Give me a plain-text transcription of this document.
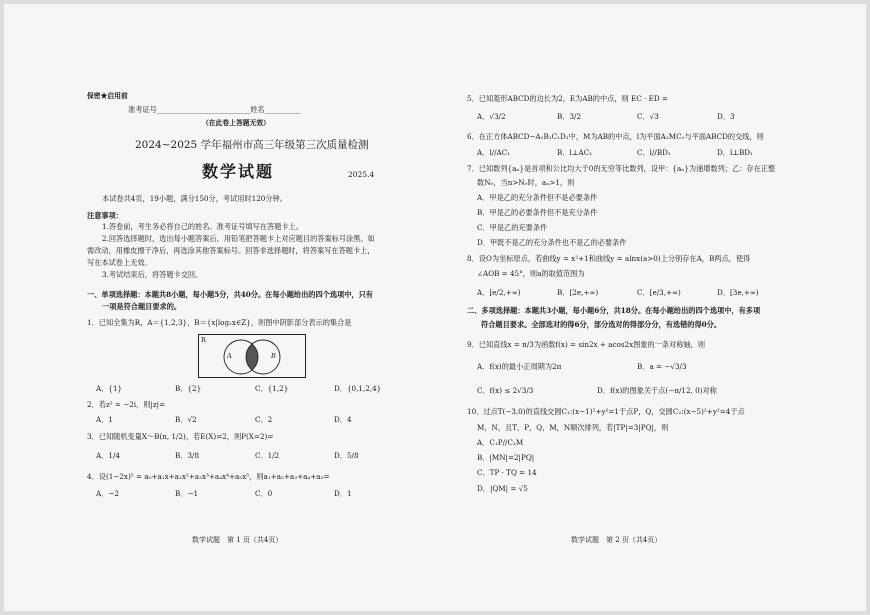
保密★启用前
准考证号__________________________姓名__________
（在此卷上答题无效）
2024~2025 学年福州市高三年级第三次质量检测
数学试题	2025.4
本试卷共4页，19小题，满分150分，考试用时120分钟。
注意事项：
1.答卷前，考生务必将自己的姓名、准考证号填写在答题卡上。
2.回答选择题时，选出每小题答案后，用铅笔把答题卡上对应题目的答案标号涂黑。如
需改动，用橡皮擦干净后，再选涂其他答案标号。回答非选择题时，将答案写在答题卡上，
写在本试卷上无效。
3.考试结束后，将答题卡交回。
一、单项选择题：本题共8小题，每小题5分，共40分。在每小题给出的四个选项中，只有
一项是符合题目要求的。
1．已知全集为R，A＝{1,2,3}，B＝{x|log₂x∈Z}，则图中阴影部分表示的集合是
R
A	B
A．{1}	B．{2}	C．{1,2}	D．{0,1,2,4}
2．若z² = −2i，则|z|=
A．1	B．√2	C．2	D．4
3．已知随机变量X～B(n, 1/2)，若E(X)=2，则P(X=2)=
A．1/4	B．3/8	C．1/2	D．5/8
4．设(1−2x)⁵ = a₀+a₁x+a₂x²+a₃x³+a₄x⁴+a₅x⁵，则a₁+a₂+a₃+a₄+a₅=
A．−2	B．−1	C．0	D．1
数学试题　第 1 页（共4页）
5．已知菱形ABCD的边长为2，E为AB的中点，则 EC · ED =
A．√3/2	B．3/2	C．√3	D．3
6．在正方体ABCD−A₁B₁C₁D₁中，M为AB的中点，l为平面A₁MC₁与平面ABCD的交线，则
A．l//AC₁	B．l⊥AC₁	C．l//BD₁	D．l⊥BD₁
7．已知数列{aₙ}是首项和公比均大于0的无穷等比数列，设甲：{aₙ}为递增数列；乙：存在正整
数N₀，当n>N₀时，aₙ>1，则
A．甲是乙的充分条件但不是必要条件
B．甲是乙的必要条件但不是充分条件
C．甲是乙的充要条件
D．甲既不是乙的充分条件也不是乙的必要条件
8．设O为坐标原点，若曲线y = x²+1和曲线y = alnx(a>0)上分别存在A，B两点，使得
∠AOB = 45°，则a的取值范围为
A．[e/2,+∞)	B．[2e,+∞)	C．[e/3,+∞)	D．[3e,+∞)
二、多项选择题：本题共3小题，每小题6分，共18分。在每小题给出的四个选项中，有多项
符合题目要求。全部选对的得6分，部分选对的得部分分，有选错的得0分。
9．已知直线x = π/3为函数f(x) = sin2x + acos2x图象的一条对称轴，则
A．f(x)的最小正周期为2π	B．a = −√3/3
C．f(x) ≤ 2√3/3	D．f(x)的图象关于点(−π/12, 0)对称
10．过点T(−3,0)的直线交圆C₁:(x−1)²+y²=1于点P，Q，交圆C₂:(x−5)²+y²=4于点
M，N，且T，P，Q，M，N顺次排列，若|TP|=3|PQ|，则
A．C₁P//C₂M
B．|MN|=2|PQ|
C．TP · TQ = 14
D．|QM| = √5
数学试题　第 2 页（共4页）
